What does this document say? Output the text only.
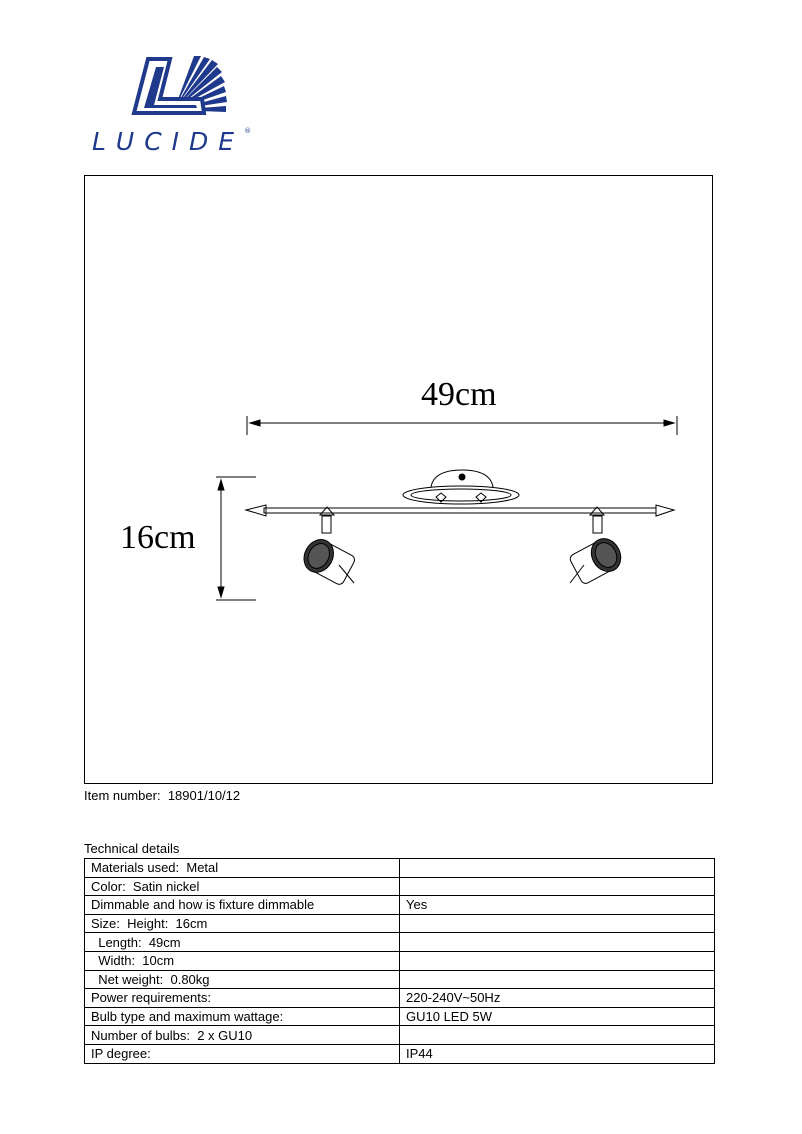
LUCIDE®
49cm
16cm
Item number: 18901/10/12
Technical details
Materials used:  Metal	
Color:  Satin nickel	
Dimmable and how is fixture dimmable	Yes
Size:  Height:  16cm	
Length:  49cm	
Width:  10cm	
Net weight:  0.80kg	
Power requirements:	220-240V~50Hz
Bulb type and maximum wattage:	GU10 LED 5W
Number of bulbs:  2 x GU10	
IP degree:	IP44
